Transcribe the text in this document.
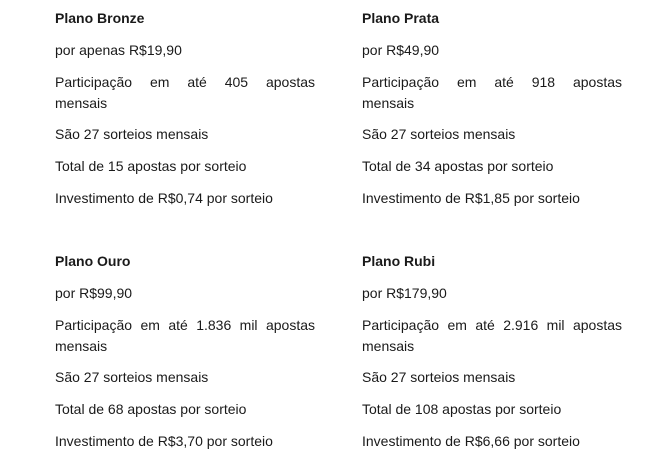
Plano Bronze

por apenas R$19,90

Participação em até 405 apostas
mensais

São 27 sorteios mensais

Total de 15 apostas por sorteio

Investimento de R$0,74 por sorteio

Plano Prata

por R$49,90

Participação em até 918 apostas
mensais

São 27 sorteios mensais

Total de 34 apostas por sorteio

Investimento de R$1,85 por sorteio

Plano Ouro

por R$99,90

Participação em até 1.836 mil apostas
mensais

São 27 sorteios mensais

Total de 68 apostas por sorteio

Investimento de R$3,70 por sorteio

Plano Rubi

por R$179,90

Participação em até 2.916 mil apostas
mensais

São 27 sorteios mensais

Total de 108 apostas por sorteio

Investimento de R$6,66 por sorteio
